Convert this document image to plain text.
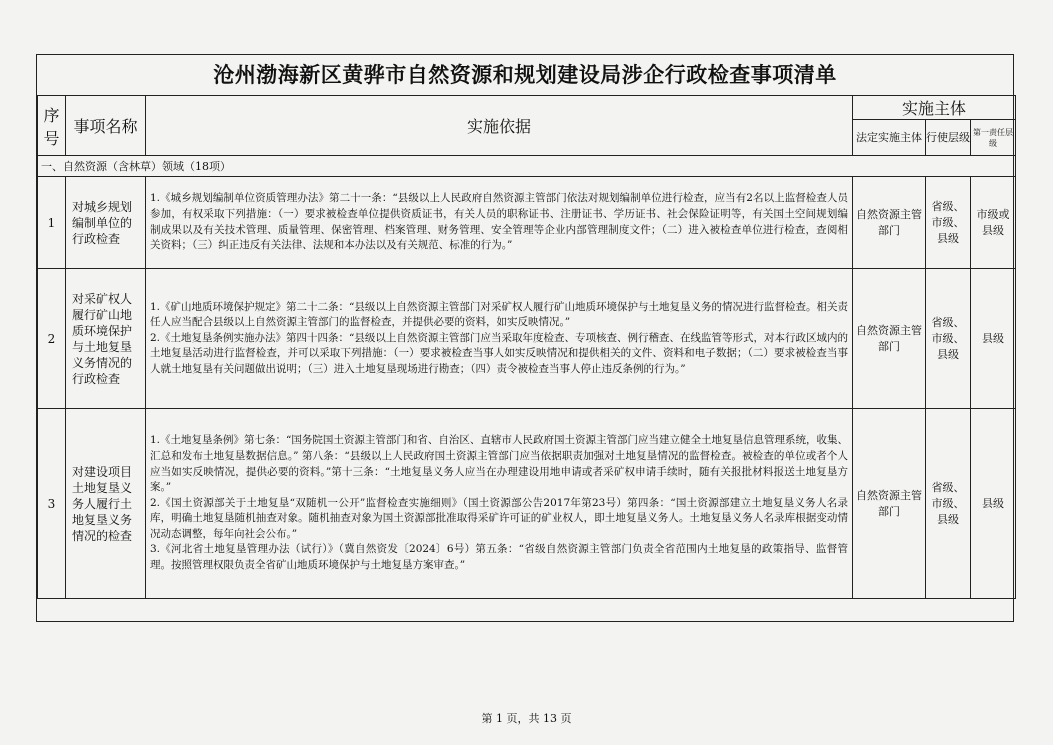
沧州渤海新区黄骅市自然资源和规划建设局涉企行政检查事项清单
序号	事项名称	实施依据	实施主体		
			法定实施主体	行使层级	第一责任层级
一、自然资源（含林草）领域（18项）					
1	对城乡规划编制单位的行政检查	1.《城乡规划编制单位资质管理办法》第二十一条：“县级以上人民政府自然资源主管部门依法对规划编制单位进行检查，应当有2名以上监督检查人员参加，有权采取下列措施：（一）要求被检查单位提供资质证书，有关人员的职称证书、注册证书、学历证书、社会保险证明等，有关国土空间规划编制成果以及有关技术管理、质量管理、保密管理、档案管理、财务管理、安全管理等企业内部管理制度文件；（二）进入被检查单位进行检查，查阅相关资料；（三）纠正违反有关法律、法规和本办法以及有关规范、标准的行为。”	自然资源主管部门	省级、市级、县级	市级或县级
2	对采矿权人履行矿山地质环境保护与土地复垦义务情况的行政检查	1.《矿山地质环境保护规定》第二十二条：“县级以上自然资源主管部门对采矿权人履行矿山地质环境保护与土地复垦义务的情况进行监督检查。相关责任人应当配合县级以上自然资源主管部门的监督检查，并提供必要的资料，如实反映情况。”
2.《土地复垦条例实施办法》第四十四条：“县级以上自然资源主管部门应当采取年度检查、专项核查、例行稽查、在线监管等形式，对本行政区域内的土地复垦活动进行监督检查，并可以采取下列措施：（一）要求被检查当事人如实反映情况和提供相关的文件、资料和电子数据；（二）要求被检查当事人就土地复垦有关问题做出说明；（三）进入土地复垦现场进行勘查；（四）责令被检查当事人停止违反条例的行为。”	自然资源主管部门	省级、市级、县级	县级
3	对建设项目土地复垦义务人履行土地复垦义务情况的检查	1.《土地复垦条例》第七条：“国务院国土资源主管部门和省、自治区、直辖市人民政府国土资源主管部门应当建立健全土地复垦信息管理系统，收集、汇总和发布土地复垦数据信息。” 第八条：“县级以上人民政府国土资源主管部门应当依据职责加强对土地复垦情况的监督检查。被检查的单位或者个人应当如实反映情况，提供必要的资料。”第十三条：“土地复垦义务人应当在办理建设用地申请或者采矿权申请手续时，随有关报批材料报送土地复垦方案。”
2.《国土资源部关于土地复垦“双随机一公开”监督检查实施细则》（国土资源部公告2017年第23号）第四条：“国土资源部建立土地复垦义务人名录库，明确土地复垦随机抽查对象。随机抽查对象为国土资源部批准取得采矿许可证的矿业权人，即土地复垦义务人。土地复垦义务人名录库根据变动情况动态调整，每年向社会公布。”
3.《河北省土地复垦管理办法（试行）》（冀自然资发〔2024〕6号）第五条：“省级自然资源主管部门负责全省范围内土地复垦的政策指导、监督管理。按照管理权限负责全省矿山地质环境保护与土地复垦方案审查。”	自然资源主管部门	省级、市级、县级	县级
第 1 页，共 13 页
